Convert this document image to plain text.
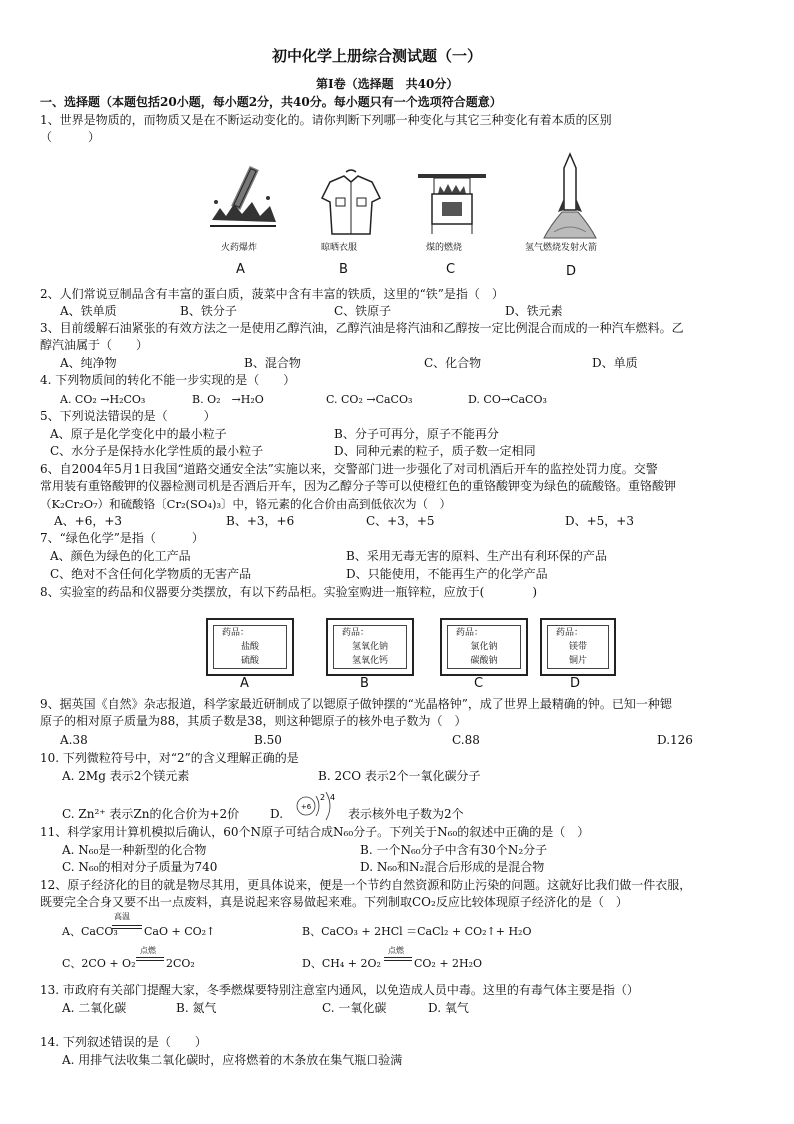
初中化学上册综合测试题（一）
第Ⅰ卷（选择题　共40分）
一、选择题（本题包括20小题，每小题2分，共40分。每小题只有一个选项符合题意）
1、世界是物质的，而物质又是在不断运动变化的。请你判断下列哪一种变化与其它三种变化有着本质的区别
（　　　）
火药爆炸
A
晾晒衣服
B
煤的燃烧
C
氢气燃烧发射火箭
D
2、人们常说豆制品含有丰富的蛋白质，菠菜中含有丰富的铁质，这里的“铁”是指（　）
A、铁单质	B、铁分子	C、铁原子	D、铁元素
3、目前缓解石油紧张的有效方法之一是使用乙醇汽油，乙醇汽油是将汽油和乙醇按一定比例混合而成的一种汽车燃料。乙
醇汽油属于（　　）
A、纯净物	B、混合物	C、化合物	D、单质
4. 下列物质间的转化不能一步实现的是（　　）
A. CO₂ →H₂CO₃	B. O₂　→H₂O	C. CO₂ →CaCO₃	D. CO→CaCO₃
5、下列说法错误的是（　　　）
A、原子是化学变化中的最小粒子	B、分子可再分，原子不能再分
C、水分子是保持水化学性质的最小粒子	D、同种元素的粒子，质子数一定相同
6、自2004年5月1日我国“道路交通安全法”实施以来，交警部门进一步强化了对司机酒后开车的监控处罚力度。交警
常用装有重铬酸钾的仪器检测司机是否酒后开车，因为乙醇分子等可以使橙红色的重铬酸钾变为绿色的硫酸铬。重铬酸钾
（K₂Cr₂O₇）和硫酸铬〔Cr₂(SO₄)₃〕中，铬元素的化合价由高到低依次为（　）
A、+6，+3	B、+3，+6	C、+3，+5	D、+5，+3
7、“绿色化学”是指（　　　）
A、颜色为绿色的化工产品	B、采用无毒无害的原料、生产出有利环保的产品
C、绝对不含任何化学物质的无害产品	D、只能使用，不能再生产的化学产品
8、实验室的药品和仪器要分类摆放，有以下药品柜。实验室购进一瓶锌粒，应放于(　　　　)
药品：
盐酸
硫酸
A
药品：
氢氧化钠
氢氧化钙
B
药品：
氯化钠
碳酸钠
C
药品：
镁带
铜片
D
9、据英国《自然》杂志报道，科学家最近研制成了以锶原子做钟摆的“光晶格钟”，成了世界上最精确的钟。已知一种锶
原子的相对原子质量为88，其质子数是38，则这种锶原子的核外电子数为（　）
A.38	B.50	C.88	D.126
10. 下列微粒符号中，对“2”的含义理解正确的是
A. 2Mg 表示2个镁元素	B. 2CO 表示2个一氧化碳分子
C. Zn²⁺ 表示Zn的化合价为+2价	D.	+6
2 4
表示核外电子数为2个
11、科学家用计算机模拟后确认，60个N原子可结合成N₆₀分子。下列关于N₆₀的叙述中正确的是（　）
A. N₆₀是一种新型的化合物	B. 一个N₆₀分子中含有30个N₂分子
C. N₆₀的相对分子质量为740	D. N₆₀和N₂混合后形成的是混合物
12、原子经济化的目的就是物尽其用，更具体说来，便是一个节约自然资源和防止污染的问题。这就好比我们做一件衣服，
既要完全合身又要不出一点废料，真是说起来容易做起来难。下列制取CO₂反应比较体现原子经济化的是（　）
A、CaCO₃
高温
CaO + CO₂↑	B、CaCO₃ + 2HCl ＝CaCl₂ + CO₂↑+ H₂O
C、2CO + O₂
点燃
2CO₂	D、CH₄ + 2O₂
点燃
CO₂ + 2H₂O
13. 市政府有关部门提醒大家，冬季燃煤要特别注意室内通风，以免造成人员中毒。这里的有毒气体主要是指（）
A. 二氧化碳	B. 氮气	C. 一氧化碳	D. 氧气
14. 下列叙述错误的是（　　）
A. 用排气法收集二氧化碳时，应将燃着的木条放在集气瓶口验满
